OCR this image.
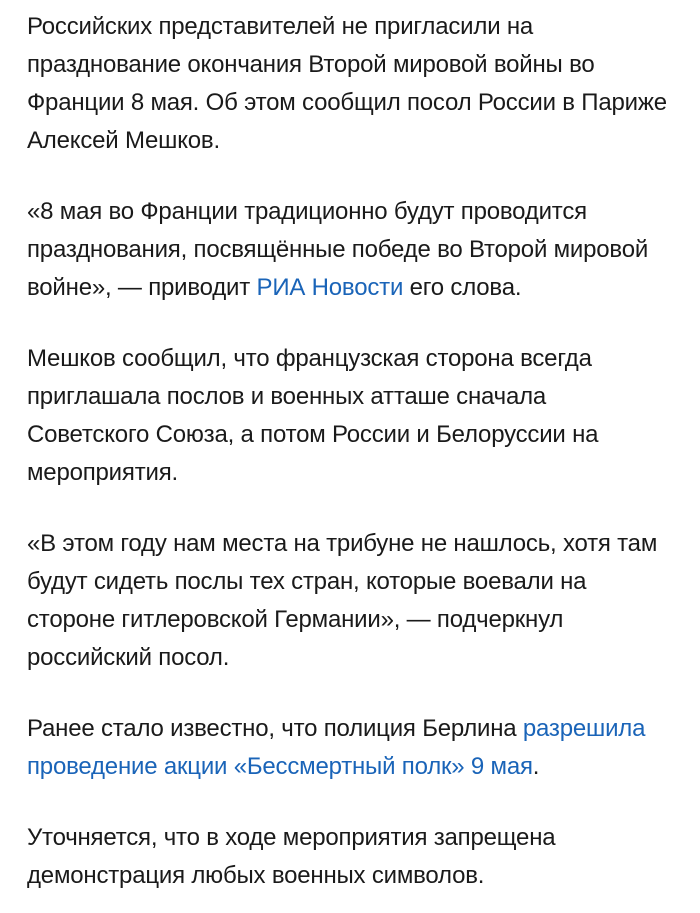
Российских представителей не пригласили на празднование окончания Второй мировой войны во Франции 8 мая. Об этом сообщил посол России в Париже Алексей Мешков.

«8 мая во Франции традиционно будут проводится празднования, посвящённые победе во Второй мировой войне», — приводит РИА Новости его слова.

Мешков сообщил, что французская сторона всегда приглашала послов и военных атташе сначала Советского Союза, а потом России и Белоруссии на мероприятия.

«В этом году нам места на трибуне не нашлось, хотя там будут сидеть послы тех стран, которые воевали на стороне гитлеровской Германии», — подчеркнул российский посол.

Ранее стало известно, что полиция Берлина разрешила проведение акции «Бессмертный полк» 9 мая.

Уточняется, что в ходе мероприятия запрещена демонстрация любых военных символов.
